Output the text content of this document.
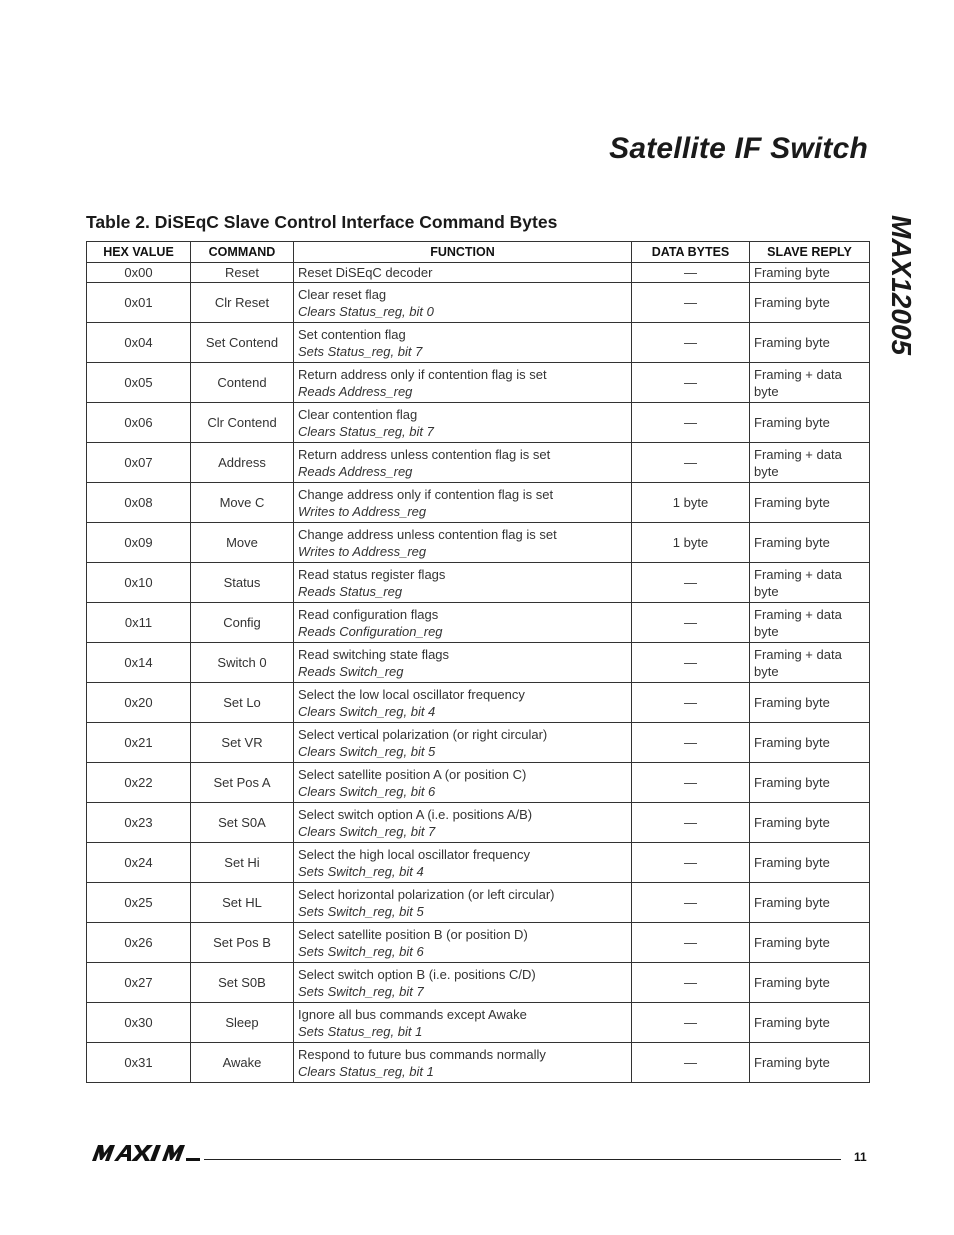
Satellite IF Switch
MAX12005
Table 2. DiSEqC Slave Control Interface Command Bytes
HEX VALUE	COMMAND	FUNCTION	DATA BYTES	SLAVE REPLY
0x00	Reset	Reset DiSEqC decoder	—	Framing byte
0x01	Clr Reset	Clear reset flag
Clears Status_reg, bit 0	—	Framing byte
0x04	Set Contend	Set contention flag
Sets Status_reg, bit 7	—	Framing byte
0x05	Contend	Return address only if contention flag is set
Reads Address_reg	—	Framing + data byte
0x06	Clr Contend	Clear contention flag
Clears Status_reg, bit 7	—	Framing byte
0x07	Address	Return address unless contention flag is set
Reads Address_reg	—	Framing + data byte
0x08	Move C	Change address only if contention flag is set
Writes to Address_reg	1 byte	Framing byte
0x09	Move	Change address unless contention flag is set
Writes to Address_reg	1 byte	Framing byte
0x10	Status	Read status register flags
Reads Status_reg	—	Framing + data byte
0x11	Config	Read configuration flags
Reads Configuration_reg	—	Framing + data byte
0x14	Switch 0	Read switching state flags
Reads Switch_reg	—	Framing + data byte
0x20	Set Lo	Select the low local oscillator frequency
Clears Switch_reg, bit 4	—	Framing byte
0x21	Set VR	Select vertical polarization (or right circular)
Clears Switch_reg, bit 5	—	Framing byte
0x22	Set Pos A	Select satellite position A (or position C)
Clears Switch_reg, bit 6	—	Framing byte
0x23	Set S0A	Select switch option A (i.e. positions A/B)
Clears Switch_reg, bit 7	—	Framing byte
0x24	Set Hi	Select the high local oscillator frequency
Sets Switch_reg, bit 4	—	Framing byte
0x25	Set HL	Select horizontal polarization (or left circular)
Sets Switch_reg, bit 5	—	Framing byte
0x26	Set Pos B	Select satellite position B (or position D)
Sets Switch_reg, bit 6	—	Framing byte
0x27	Set S0B	Select switch option B (i.e. positions C/D)
Sets Switch_reg, bit 7	—	Framing byte
0x30	Sleep	Ignore all bus commands except Awake
Sets Status_reg, bit 1	—	Framing byte
0x31	Awake	Respond to future bus commands normally
Clears Status_reg, bit 1	—	Framing byte
11
